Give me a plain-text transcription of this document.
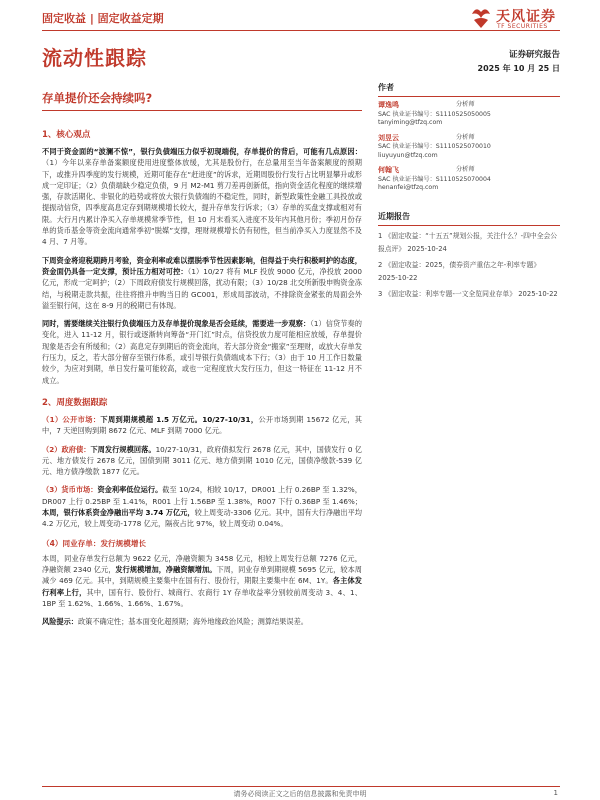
固定收益 | 固定收益定期	天风证券
TF SECURITIES
流动性跟踪	证券研究报告
2025 年 10 月 25 日
存单提价还会持续吗?
1、核心观点

不同于资金面的“波澜不惊”，银行负债端压力似乎初现端倪，存单提价的背后，可能有几点原因：（1）今年以来存单备案额度使用进度整体放缓，尤其是股份行，在总量用至当年备案额度的预期下，或推升四季度的发行规模，近期可能存在“赶进度”的诉求，近期周股份行发行占比明显攀升或形成一定印证；（2）负债端缺少稳定负债，9 月 M2-M1 剪刀差再创新低，指向资金活化程度的继续增强，存款活期化、非银化的趋势或将放大银行负债端的不稳定性，同时，新型政策性金融工具投放或提振动信贷，四季度高息定存到期规模增长较大，提升存单发行诉求；（3）存单的买盘支撑或相对有限。大行月内累计净买入存单规模常季节性，但 10 月末看买入进度不及年内其他月份；季初月份存单的货币基金等资金流向通常季初“脱媒”支撑，理财规模增长仍有韧性，但当前净买入力度显然不及 4 月、7 月等。

下周资金将迎税期跨月考验，资金利率或难以摆脱季节性因素影响，但得益于央行积极呵护的态度，资金面仍具备一定支撑，预计压力相对可控：（1）10/27 将有 MLF 投放 9000 亿元，净投放 2000 亿元，形成一定呵护；（2）下周政府债发行规模回落，扰动有限；（3）10/28 北交所新股申购资金冻结，与税期走款共振，往往将推升申购当日的 GC001，形成局部波动，不排除资金紧张的局面会外溢至银行间，这在 8-9 月的税期已有体现。

同时，需要继续关注银行负债端压力及存单提价现象是否会延续，需要进一步观察：（1）信贷节奏的变化，进入 11-12 月，银行或逐渐转向筹备“开门红”时点，信贷投放力度可能相应放缓，存单提价现象是否会有所缓和；（2）高息定存到期后的资金流向，若大部分资金“搬家”至理财，或放大存单发行压力，反之，若大部分留存至银行体系，或引导银行负债端成本下行；（3）由于 10 月工作日数量较少，为应对到期，单日发行量可能较高，或也一定程度放大发行压力，但这一特征在 11-12 月不成立。

2、周度数据跟踪

（1）公开市场：下周到期规模超 1.5 万亿元。10/27-10/31，公开市场到期 15672 亿元，其中，7 天逆回购到期 8672 亿元、MLF 到期 7000 亿元。

（2）政府债：下周发行规模回落。10/27-10/31，政府债拟发行 2678 亿元，其中，国债发行 0 亿元、地方债发行 2678 亿元，国债到期 3011 亿元、地方债到期 1010 亿元，国债净缴款-539 亿元、地方债净缴款 1877 亿元。

（3）货币市场：资金利率低位运行。截至 10/24，相较 10/17，DR001 上行 0.26BP 至 1.32%，DR007 上行 0.25BP 至 1.41%，R001 上行 1.56BP 至 1.38%，R007 下行 0.36BP 至 1.46%；本周，银行体系资金净融出平均 3.74 万亿元，较上周变动-3306 亿元。其中，国有大行净融出平均 4.2 万亿元，较上周变动-1778 亿元，隔夜占比 97%，较上周变动 0.04%。

（4）同业存单：发行规模增长

本周，同业存单发行总额为 9622 亿元，净融资额为 3458 亿元，相较上周发行总额 7276 亿元，净融资额 2340 亿元，发行规模增加，净融资额增加。下周，同业存单到期规模 5695 亿元，较本周减少 469 亿元。其中，到期规模主要集中在国有行、股份行，期限主要集中在 6M、1Y。各主体发行利率上行，其中，国有行、股份行、城商行、农商行 1Y 存单收益率分别较前周变动 3、4、1、1BP 至 1.62%、1.66%、1.66%、1.67%。

风险提示：政策不确定性；基本面变化超预期；海外地缘政治风险；测算结果误差。

作者
谭逸鸣
SAC 执业证书编号：S1110525050005
tanyiming@tfzq.com
分析师
刘昱云
SAC 执业证书编号：S1110525070010
liuyuyun@tfzq.com
分析师
何翰飞
SAC 执业证书编号：S1110525070004
henanfei@tfzq.com
分析师
近期报告
1 《固定收益：“十五五”规划公报，关注什么？-四中全会公报点评》 2025-10-24
2 《固定收益：2025，债券资产重估之年-利率专题》 2025-10-22
3 《固定收益：利率专题-一文全览同业存单》 2025-10-22
请务必阅读正文之后的信息披露和免责申明	1
